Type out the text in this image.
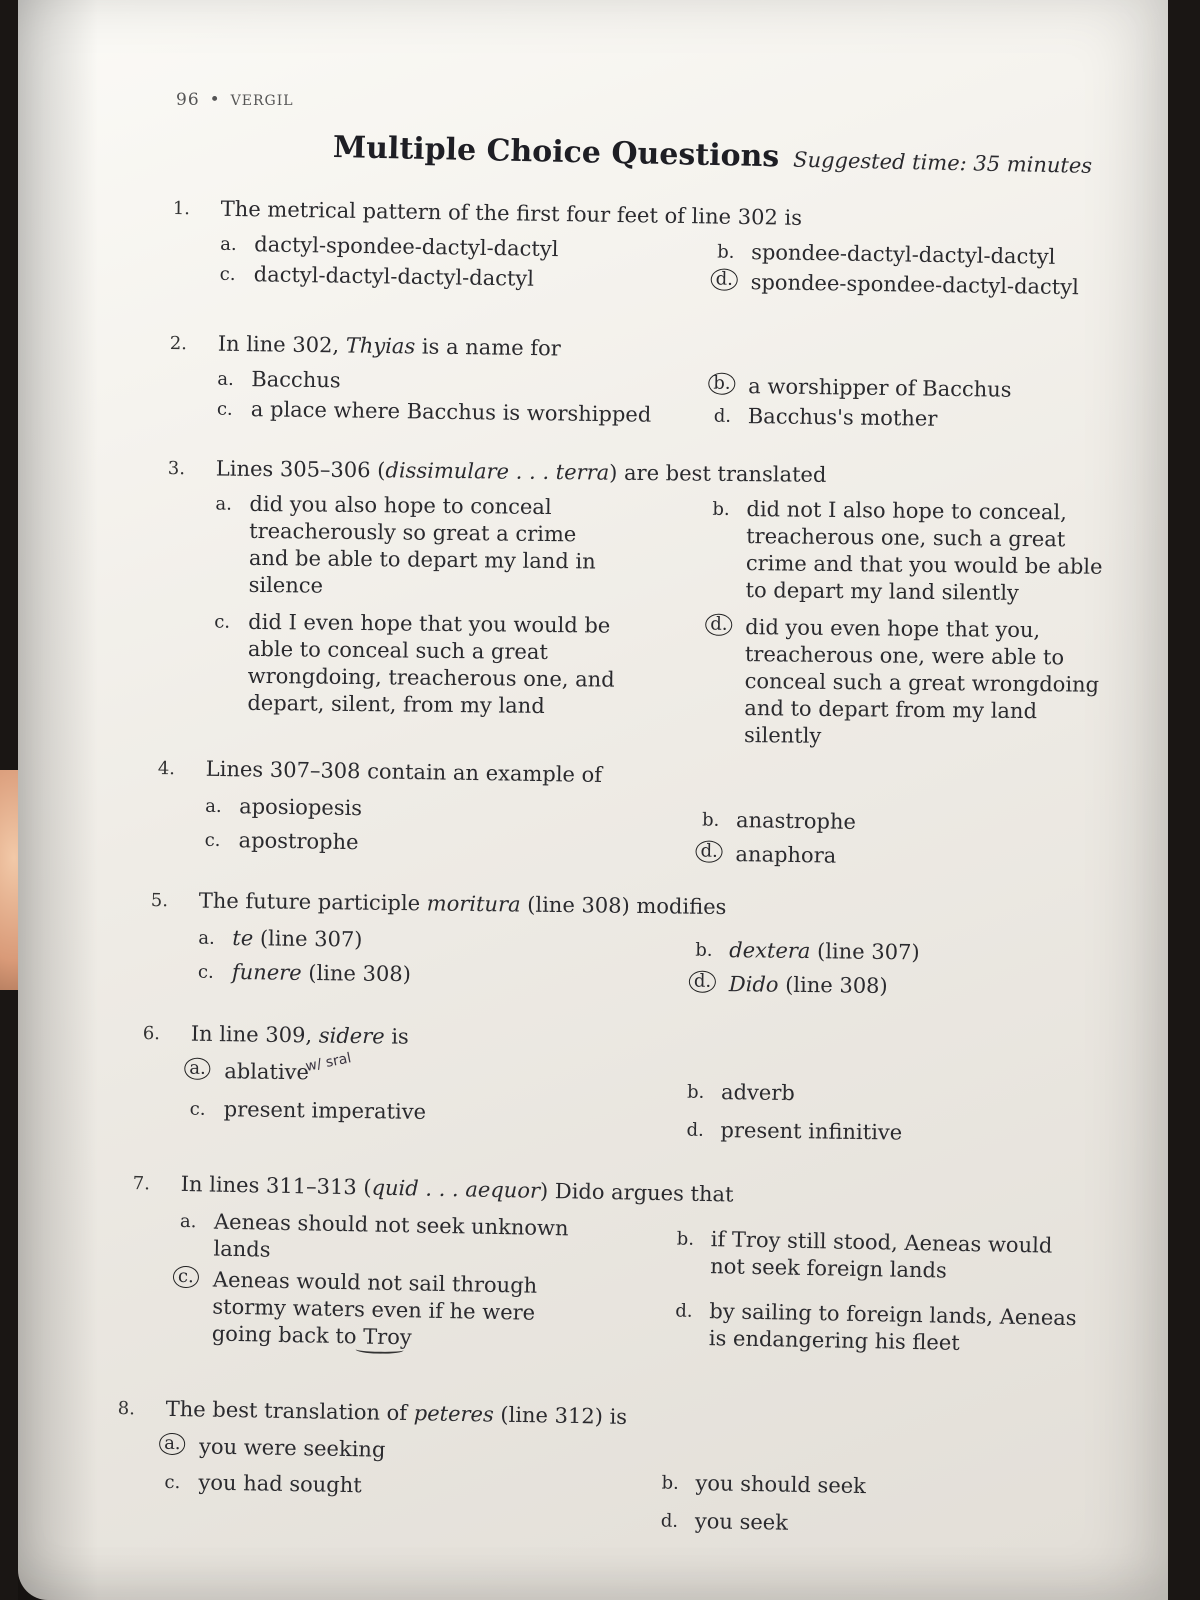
96 • VERGIL
Multiple Choice Questions Suggested time: 35 minutes
1. The metrical pattern of the first four feet of line 302 is
a. dactyl-spondee-dactyl-dactyl	b. spondee-dactyl-dactyl-dactyl
c. dactyl-dactyl-dactyl-dactyl	d. spondee-spondee-dactyl-dactyl
2. In line 302, Thyias is a name for
a. Bacchus	b. a worshipper of Bacchus
c. a place where Bacchus is worshipped	d. Bacchus's mother
3. Lines 305–306 (dissimulare . . . terra) are best translated
a. did you also hope to conceal treacherously so great a crime and be able to depart my land in silence
b. did not I also hope to conceal, treacherous one, such a great crime and that you would be able to depart my land silently
c. did I even hope that you would be able to conceal such a great wrongdoing, treacherous one, and depart, silent, from my land
d. did you even hope that you, treacherous one, were able to conceal such a great wrongdoing and to depart from my land silently
4. Lines 307–308 contain an example of
a. aposiopesis	b. anastrophe
c. apostrophe	d. anaphora
5. The future participle moritura (line 308) modifies
a. te (line 307)	b. dextera (line 307)
c. funere (line 308)	d. Dido (line 308)
6. In line 309, sidere is
a. ablative
w/ sral
b. adverb
c. present imperative
d. present infinitive
7. In lines 311–313 (quid . . . aequor) Dido argues that
a. Aeneas should not seek unknown lands	b. if Troy still stood, Aeneas would not seek foreign lands
c. Aeneas would not sail through stormy waters even if he were going back to Troy
d. by sailing to foreign lands, Aeneas is endangering his fleet
8. The best translation of peteres (line 312) is
a. you were seeking
b. you should seek
c. you had sought
d. you seek
